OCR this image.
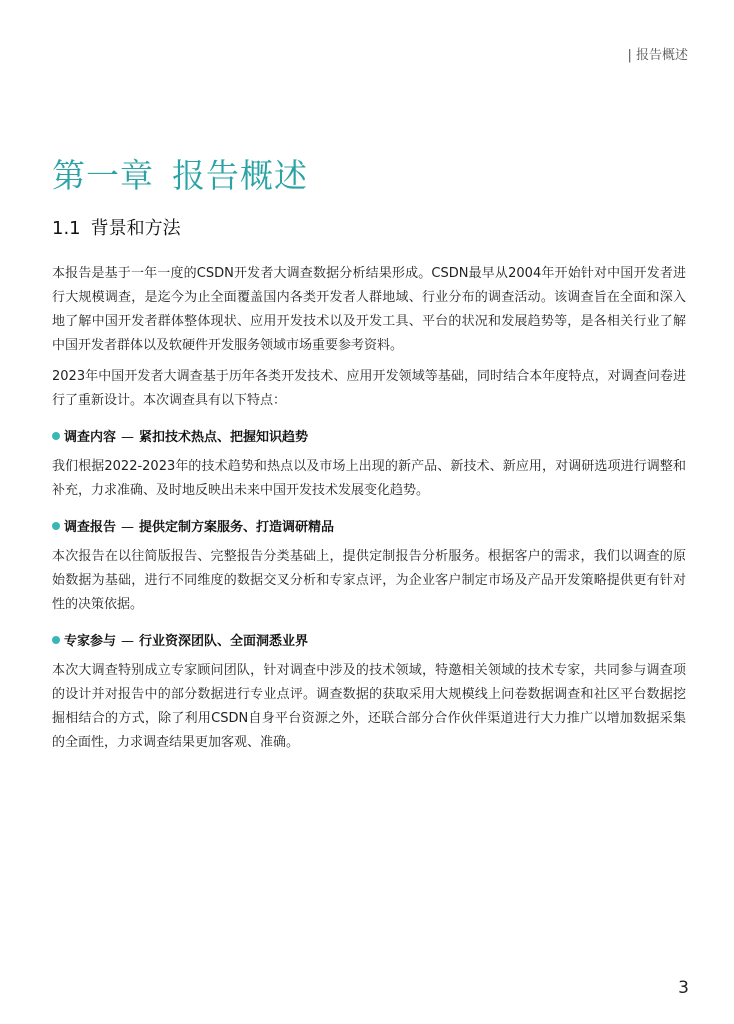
| 报告概述
第一章 报告概述
1.1 背景和方法

本报告是基于一年一度的CSDN开发者大调查数据分析结果形成。CSDN最早从2004年开始针对中国开发者进行大规模调查，是迄今为止全面覆盖国内各类开发者人群地域、行业分布的调查活动。该调查旨在全面和深入地了解中国开发者群体整体现状、应用开发技术以及开发工具、平台的状况和发展趋势等，是各相关行业了解中国开发者群体以及软硬件开发服务领域市场重要参考资料。

2023年中国开发者大调查基于历年各类开发技术、应用开发领域等基础，同时结合本年度特点，对调查问卷进行了重新设计。本次调查具有以下特点：

调查内容 — 紧扣技术热点、把握知识趋势

我们根据2022-2023年的技术趋势和热点以及市场上出现的新产品、新技术、新应用，对调研选项进行调整和补充，力求准确、及时地反映出未来中国开发技术发展变化趋势。

调查报告 — 提供定制方案服务、打造调研精品

本次报告在以往简版报告、完整报告分类基础上，提供定制报告分析服务。根据客户的需求，我们以调查的原始数据为基础，进行不同维度的数据交叉分析和专家点评，为企业客户制定市场及产品开发策略提供更有针对性的决策依据。

专家参与 — 行业资深团队、全面洞悉业界

本次大调查特别成立专家顾问团队，针对调查中涉及的技术领域，特邀相关领域的技术专家，共同参与调查项的设计并对报告中的部分数据进行专业点评。调查数据的获取采用大规模线上问卷数据调查和社区平台数据挖掘相结合的方式，除了利用CSDN自身平台资源之外，还联合部分合作伙伴渠道进行大力推广以增加数据采集的全面性，力求调查结果更加客观、准确。

3
